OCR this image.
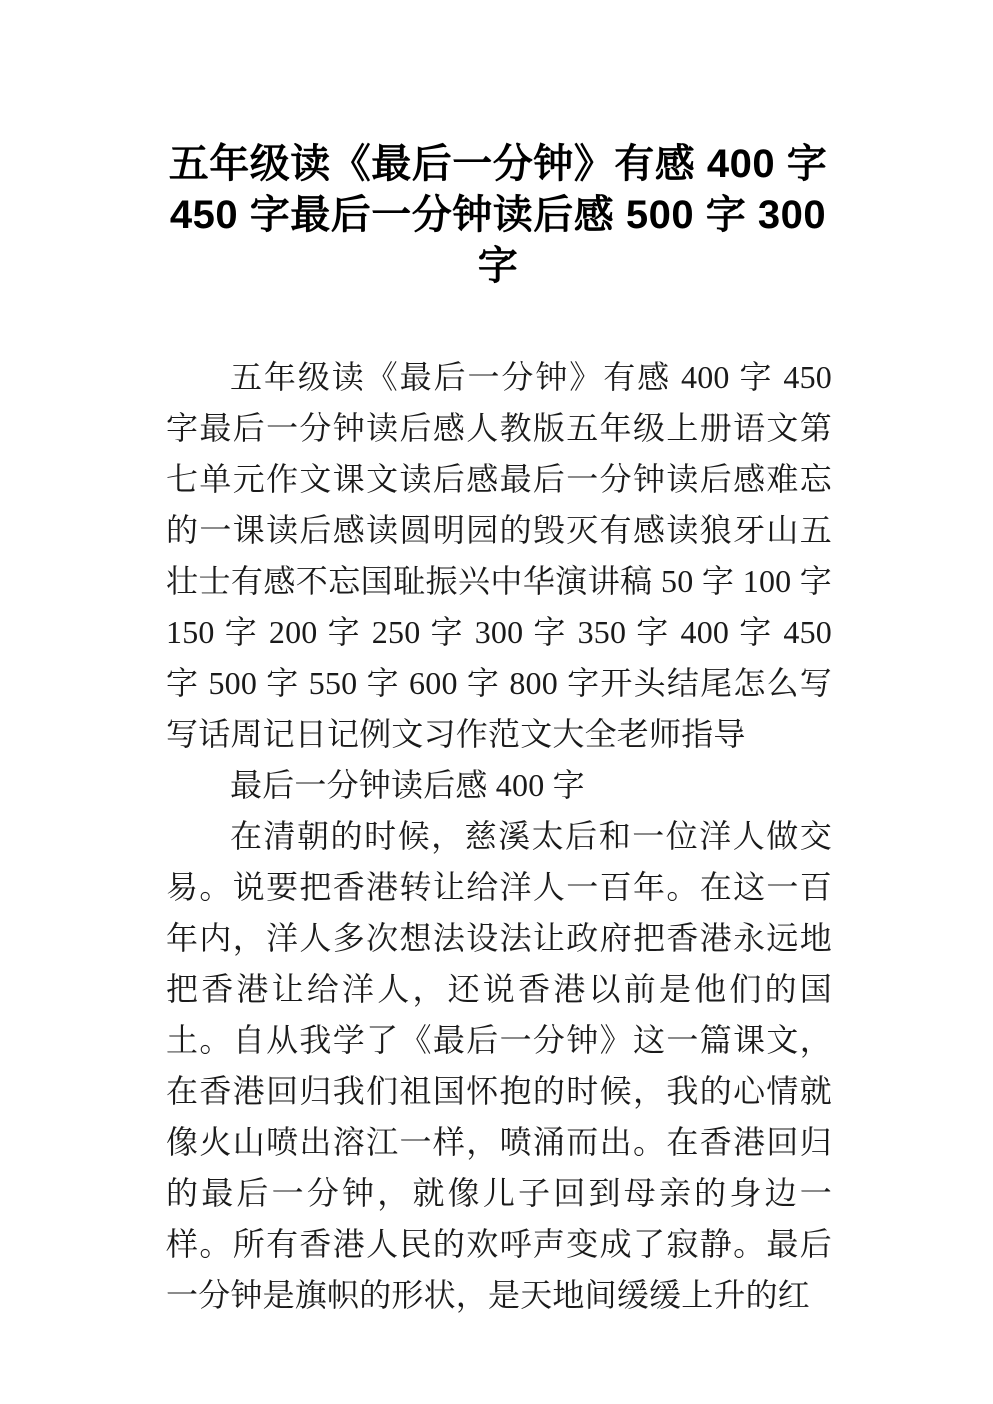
五年级读《最后一分钟》有感 400 字 450 字最后一分钟读后感 500 字 300 字

五年级读《最后一分钟》有感 400 字 450 字最后一分钟读后感人教版五年级上册语文第七单元作文课文读后感最后一分钟读后感难忘的一课读后感读圆明园的毁灭有感读狼牙山五壮士有感不忘国耻振兴中华演讲稿 50 字 100 字 150 字 200 字 250 字 300 字 350 字 400 字 450 字 500 字 550 字 600 字 800 字开头结尾怎么写写话周记日记例文习作范文大全老师指导

最后一分钟读后感 400 字

在清朝的时候，慈溪太后和一位洋人做交易。说要把香港转让给洋人一百年。在这一百年内，洋人多次想法设法让政府把香港永远地把香港让给洋人，还说香港以前是他们的国土。自从我学了《最后一分钟》这一篇课文，在香港回归我们祖国怀抱的时候，我的心情就像火山喷出溶江一样，喷涌而出。在香港回归的最后一分钟，就像儿子回到母亲的身边一样。所有香港人民的欢呼声变成了寂静。最后一分钟是旗帜的形状，是天地间缓缓上升的红
